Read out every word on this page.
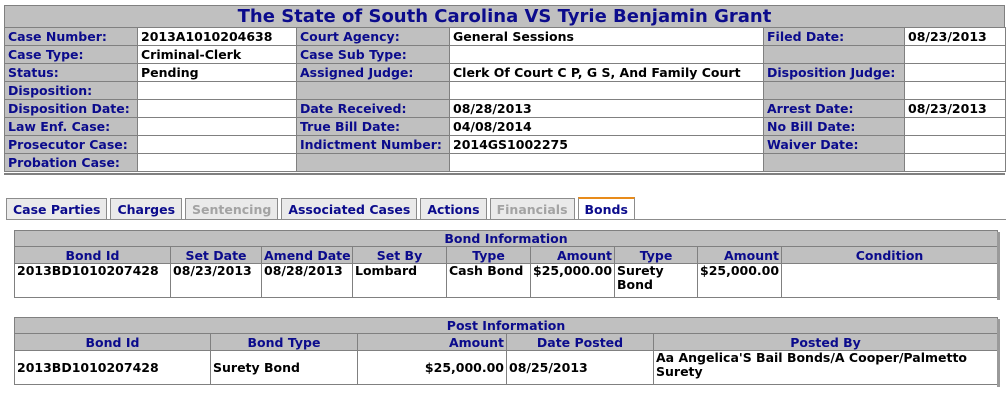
The State of South Carolina VS Tyrie Benjamin Grant
Case Number:	2013A1010204638	Court Agency:	General Sessions	Filed Date:	08/23/2013
Case Type:	Criminal-Clerk	Case Sub Type:			
Status:	Pending	Assigned Judge:	Clerk Of Court C P, G S, And Family Court	Disposition Judge:	
Disposition:					
Disposition Date:		Date Received:	08/28/2013	Arrest Date:	08/23/2013
Law Enf. Case:		True Bill Date:	04/08/2014	No Bill Date:	
Prosecutor Case:		Indictment Number:	2014GS1002275	Waiver Date:	
Probation Case:					
Case Parties	Charges	Sentencing	Associated Cases	Actions	Financials	Bonds
Bond Information								
Bond Id	Set Date	Amend Date	Set By	Type	Amount	Type	Amount	Condition
2013BD1010207428	08/23/2013	08/28/2013	Lombard	Cash Bond	$25,000.00	Surety Bond	$25,000.00	
Post Information				
Bond Id	Bond Type	Amount	Date Posted	Posted By
2013BD1010207428	Surety Bond	$25,000.00	08/25/2013	Aa Angelica'S Bail Bonds/A Cooper/Palmetto Surety
